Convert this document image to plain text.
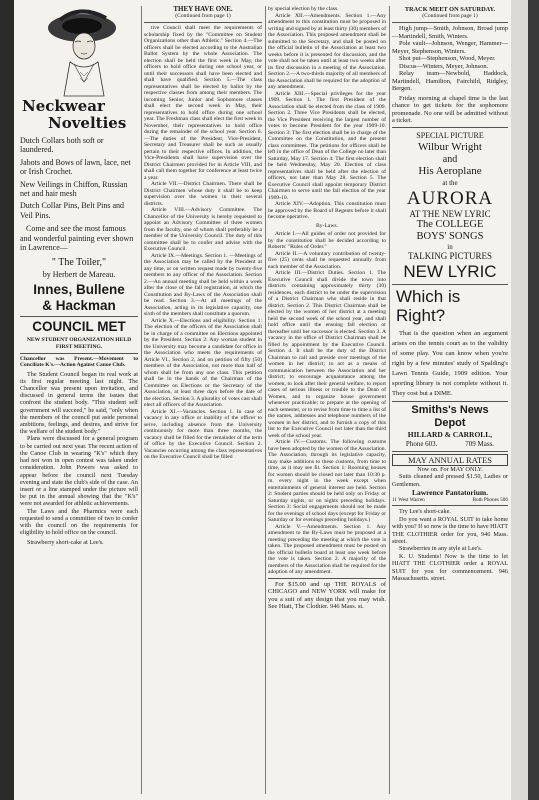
Neckwear
Novelties
Dutch Collars both soft or laundered.
Jabots and Bows of lawn, lace, net or Irish Crochet.
New Veilings in Chiffon, Russian net and hair mesh
Dutch Collar Pins, Belt Pins and Veil Pins.
Come and see the most famous and wonderful painting ever shown in Lawrence—
" The Toiler,"
by Herbert de Mareau.
Innes, Bullene
& Hackman
COUNCIL MET
NEW STUDENT ORGANIZATION HELD FIRST MEETING.
Chancellor was Present.—Movement to Conciliate K's.—Action Against Canoe Club.

The Student Council began its real work at its first regular meeting last night. The Chancellor was present upon invitation, and discussed in general terms the issues that confront the student body. "This student self government will succeed," he said, "only when the members of the council put aside personal ambitions, feelings, and desires, and strive for the welfare of the student body."

Plans were discussed for a general program to be carried out next year. The recent action of the Canoe Club in wearing "K's" which they had not won in open contest was taken under consideration. John Powers was asked to appear before the council next Tuesday evening and state the club's side of the case. An insert or a line stamped under the picture will be put in the annual showing that the "K's" were not awarded for athletic achievements.

The Laws and the Pharmics were each requested to send a committee of two to confer with the council on the requirements for eligibility to hold office on the council.

Strawberry short-cake at Lee's.

THEY HAVE ONE.
(Continued from page 1)

tive Council shall meet the requirements of scholarship fixed by the "Committee on Student Organizations other than Athletic." Section 4.—The officers shall be elected according to the Australian Ballot System by the whole Association. The election shall be held the first week in May, the officers to hold office during one school year, or until their successors shall have been elected and shall have qualified. Section 5.—The class representatives shall be elected by ballot by the respective classes from among their members. The incoming Senior, Junior and Sophomore classes shall elect the second week in May, their representatives to hold office during one school year. The Freshman class shall elect the first week in November, their representatives to hold office during the remainder of the school year. Section 6.—The duties of the President, Vice-President, Secretary and Treasurer shall be such as usually pertain to their respective offices. In addition, the Vice-Presidents shall have supervision over the District Chairmen provided for in Article VIII, and shall call them together for conference at least twice a year.

Article VII.—District Chairmen. There shall be District Chairmen whose duty it shall be to keep supervision over the women in their several districts.

Article VIII.—Advisory Committee. The Chancellor of the University is hereby requested to appoint an Advisory Committee of three women from the faculty, one of whom shall preferably be a member of the University Council. The duty of this committee shall be to confer and advise with the Executive Council.

Article IX.—Meetings. Section 1. —Meetings of the Association may be called by the President at any time, or on written request made by twenty-five members to any officer of the Association. Section 2.—An annual meeting shall be held within a week after the close of the fall registration, at which the Constitution and By-Laws of the Association shall be read. Section 3.—At all meetings of the Association, acting in its legislative capacity, one sixth of the members shall constitute a quorum.

Article X.—Elections and eligibility. Section 1: The election of the officers of the Association shall be in charge of a committee on Elections appointed by the President. Section 2: Any woman student in the University may become a candidate for office in the Association who meets the requirements of Article VI., Section 2, and on petition of fifty (50) members of the Association, not more than half of whom shall be from any one class. This petition shall be in the hands of the Chairman of the Committee on Elections or the Secretary of the Association, at least three days before the date of the election. Section 3. A plurality of votes cast shall elect all officers of the Association.

Article XI.—Vacancies. Section 1. In case of vacancy in any office or inability of the officer to serve, including absence from the University continuously for more than three months, the vacancy shall be filled for the remainder of the term of office by the Executive Council. Section 2. Vacancies occurring among the class representatives on the Executive Council shall be filled

by special election by the class.

Article XII.—Amendments. Section 1.—Any amendment to this constitution must be proposed in writing and signed by at least thirty (30) members of the Association. This proposed amendment shall be submitted to the Secretary, and shall be posted on the official bulletin of the Association at least two weeks before it is presented for discussion, and the vote shall not be taken until at least two weeks after its first discussion in a meeting of the Association. Section 2.—A two-thirds majority of all members of the Association shall be required for the adoption of any amendment.

Article XIII.—Special privileges for the year 1909. Section 1. The first President of the Association shall be elected from the class of 1909. Section 2. Three Vice Presidents shall be elected, the Vice President receiving the largest number of votes to become President for the year 1909-10. Section 3: The first election shall be in charge of the Committee on the Constitution, and the present class committees. The petitions for officers shall be left in the office of Dean of the College no later than Saturday, May 17. Section 4: The first election shall be held Wednesday, May 20. Election of class representatives shall be held after the election of officers, not later than May 28. Section 5. The Executive Council shall appoint temporary District Chairmen to serve until the fall election of the year 1909-10.

Article XIV.—Adoption. This constitution must be approved by the Board of Regents before it shall become operative.

By-Laws.

Article I.—All guides of order not provided for by the constitution shall be decided according to Roberts' "Rules of Order."

Article II.—A voluntary contribution of twenty-five (25) cents shall be requested annually from each member of the Association.

Article III.—District Duties. Section 1. The Executive Council shall divide the town into districts containing approximately thirty (30) residences, each district to be under the supervision of a District Chairman who shall reside in that district. Section 2. This District Chairman shall be elected by the women of her district at a meeting held the second week of the school year, and shall hold office until the ensuing fall election or thereafter until her successor is elected. Section 3. A vacancy in the office of District Chairman shall be filled by appointment by the Executive Council. Section 4. It shall be the duty of the District Chairman to call and preside over meetings of the women in her district; to act as a means of communication between the Association and her district; to encourage acquaintance among the women, to look after their general welfare, to report cases of serious illness or trouble to the Dean of Women, and to organize house government whenever practicable; to prepare at the opening of each semester, or to revise from time to time a list of the names, addresses and telephone numbers of the women in her district, and to furnish a copy of this list to the Executive Council not later than the third week of the school year.

Article IV.—Customs. The following customs have been adopted by the women of the Association. The Association, through its legislative capacity, may make additions to these customs, from time to time, as it may see fit. Section 1: Rooming houses for women should be closed not later than 10:30 p. m. every night in the week except when entertainments of general interest are held. Section 2: Student parties should be held only on Friday or Saturday nights, or on nights preceding holidays. Section 3: Social engagements should not be made for the evenings of school days (except for Friday or Saturday or for evenings preceding holidays.)

Article V.—Amendments. Section 1. Any amendment to the By-Laws must be proposed at a meeting preceding the meeting at which the vote is taken. The proposed amendment must be posted on the official bulletin board at least one week before the vote is taken. Section 2. A majority of the members of the Association shall be required for the adoption of any amendment.

For $15.00 and up THE ROYALS of CHICAGO and NEW YORK will make for you a suit of any design that you may wish. See Hiatt, The Clothier. 946 Mass. st.

TRACK MEET ON SATURDAY.
(Continued from page 1)

High jump—Smith, Johnson, Broad jump—Martindell, Smith, Winters.

Pole vault—Johnson, Wenger, Hammer—Meyer, Stephenson, Winters.

Shot put—Stephenson, Wood, Meyer.

Discus—Winters, Meyer, Johnson.

Relay team—Newbold, Haddock, Martindell, Hamilton, Fairchild, Ridgley, Bergen.

Friday morning at chapel time is the last chance to get tickets for the sophomore promenade. No one will be admitted without a ticket.

SPECIAL PICTURE
Wilbur Wright
and
His Aeroplane
at the
AURORA
AT THE NEW LYRIC
The COLLEGE
BOYS' SONGS
in
TALKING PICTURES
NEW LYRIC
Which is
Right?

That is the question when an argument arises on the tennis court as to the validity of some play. You can know when you're right by a few minutes' study of Spalding's Lawn Tennis Guide, 1909 edition. Your sporting library is not complete without it. They cost but a DIME.

Smiths's News
Depot
HILLARD & CARROLL,
Phone 603.	709 Mass.
MAY ANNUAL RATES
Now on. For MAY ONLY.

Suits cleaned and pressed $1.50, Ladies or Gentlemen.

Lawrence Pantatorium.
11 West Warren	Both Phones 506

Try Lee's short-cake.

Do you want a ROYAL SUIT to take home with you? If so now is the time to have HIATT THE CLOTHIER order for you, 946 Mass. street.

Strawberries in any style at Lee's.

K. U. Students! Now is the time to let HIATT THE CLOTHIER order a ROYAL SUIT for you for commencement. 946 Massachusetts. street.
